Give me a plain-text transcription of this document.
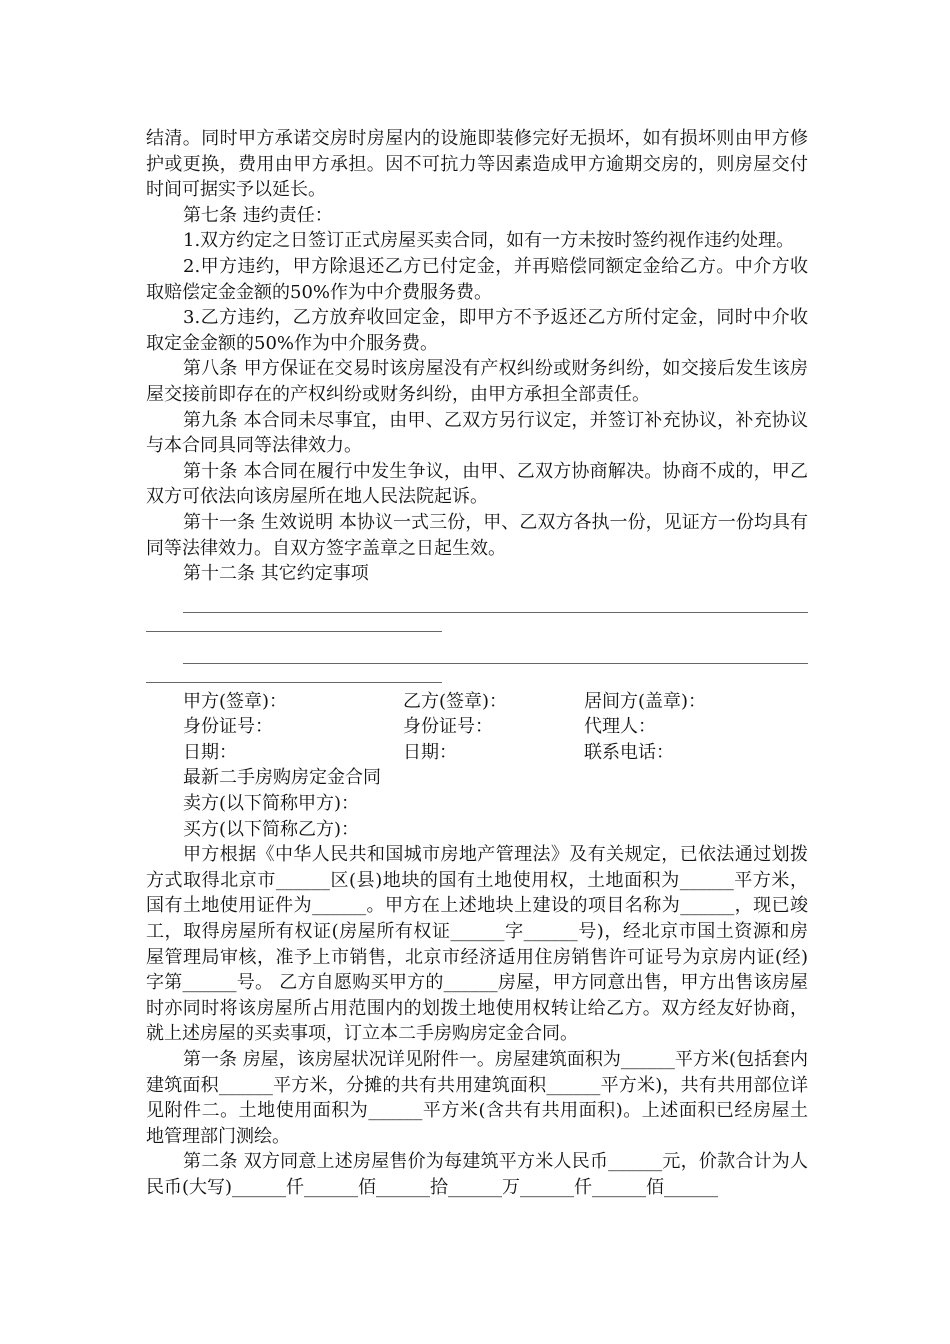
结清。同时甲方承诺交房时房屋内的设施即装修完好无损坏，如有损坏则由甲方修护或更换，费用由甲方承担。因不可抗力等因素造成甲方逾期交房的，则房屋交付时间可据实予以延长。

第七条 违约责任：

1.双方约定之日签订正式房屋买卖合同，如有一方未按时签约视作违约处理。

2.甲方违约，甲方除退还乙方已付定金，并再赔偿同额定金给乙方。中介方收取赔偿定金金额的50%作为中介费服务费。

3.乙方违约，乙方放弃收回定金，即甲方不予返还乙方所付定金，同时中介收取定金金额的50%作为中介服务费。

第八条 甲方保证在交易时该房屋没有产权纠纷或财务纠纷，如交接后发生该房屋交接前即存在的产权纠纷或财务纠纷，由甲方承担全部责任。

第九条 本合同未尽事宜，由甲、乙双方另行议定，并签订补充协议，补充协议与本合同具同等法律效力。

第十条 本合同在履行中发生争议，由甲、乙双方协商解决。协商不成的，甲乙双方可依法向该房屋所在地人民法院起诉。

第十一条 生效说明 本协议一式三份，甲、乙双方各执一份，见证方一份均具有同等法律效力。自双方签字盖章之日起生效。

第十二条 其它约定事项

甲方(签章)：	乙方(签章)：	居间方(盖章)：
身份证号：	身份证号：	代理人：
日期：	日期：	联系电话：

最新二手房购房定金合同

卖方(以下简称甲方)：

买方(以下简称乙方)：

甲方根据《中华人民共和国城市房地产管理法》及有关规定，已依法通过划拨方式取得北京市______区(县)地块的国有土地使用权，土地面积为______平方米，国有土地使用证件为______。甲方在上述地块上建设的项目名称为______，现已竣工，取得房屋所有权证(房屋所有权证______字______号)，经北京市国土资源和房屋管理局审核，准予上市销售，北京市经济适用住房销售许可证号为京房内证(经)字第______号。 乙方自愿购买甲方的______房屋，甲方同意出售，甲方出售该房屋时亦同时将该房屋所占用范围内的划拨土地使用权转让给乙方。双方经友好协商，就上述房屋的买卖事项，订立本二手房购房定金合同。

第一条 房屋，该房屋状况详见附件一。房屋建筑面积为______平方米(包括套内建筑面积______平方米，分摊的共有共用建筑面积______平方米)，共有共用部位详见附件二。土地使用面积为______平方米(含共有共用面积)。上述面积已经房屋土地管理部门测绘。

第二条 双方同意上述房屋售价为每建筑平方米人民币______元，价款合计为人民币(大写)______仟______佰______拾______万______仟______佰______
